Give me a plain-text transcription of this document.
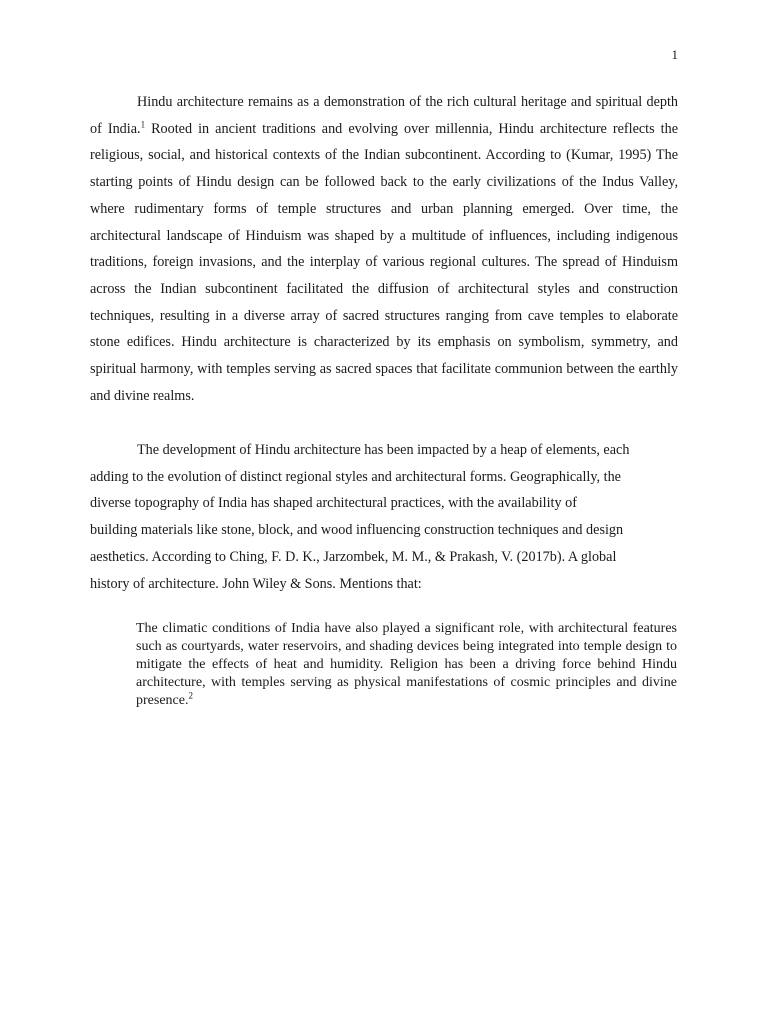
1

Hindu architecture remains as a demonstration of the rich cultural heritage and spiritual depth of India.$^1$ Rooted in ancient traditions and evolving over millennia, Hindu architecture reflects the religious, social, and historical contexts of the Indian subcontinent. According to (Kumar, 1995) The starting points of Hindu design can be followed back to the early civilizations of the Indus Valley, where rudimentary forms of temple structures and urban planning emerged. Over time, the architectural landscape of Hinduism was shaped by a multitude of influences, including indigenous traditions, foreign invasions, and the interplay of various regional cultures. The spread of Hinduism across the Indian subcontinent facilitated the diffusion of architectural styles and construction techniques, resulting in a diverse array of sacred structures ranging from cave temples to elaborate stone edifices. Hindu architecture is characterized by its emphasis on symbolism, symmetry, and spiritual harmony, with temples serving as sacred spaces that facilitate communion between the earthly and divine realms.

The development of Hindu architecture has been impacted by a heap of elements, each
adding to the evolution of distinct regional styles and architectural forms. Geographically, the
diverse topography of India has shaped architectural practices, with the availability of
building materials like stone, block, and wood influencing construction techniques and design
aesthetics. According to Ching, F. D. K., Jarzombek, M. M., & Prakash, V. (2017b). A global
history of architecture. John Wiley & Sons. Mentions that:

The climatic conditions of India have also played a significant role, with architectural features such as courtyards, water reservoirs, and shading devices being integrated into temple design to mitigate the effects of heat and humidity. Religion has been a driving force behind Hindu architecture, with temples serving as physical manifestations of cosmic principles and divine presence.$^2$
